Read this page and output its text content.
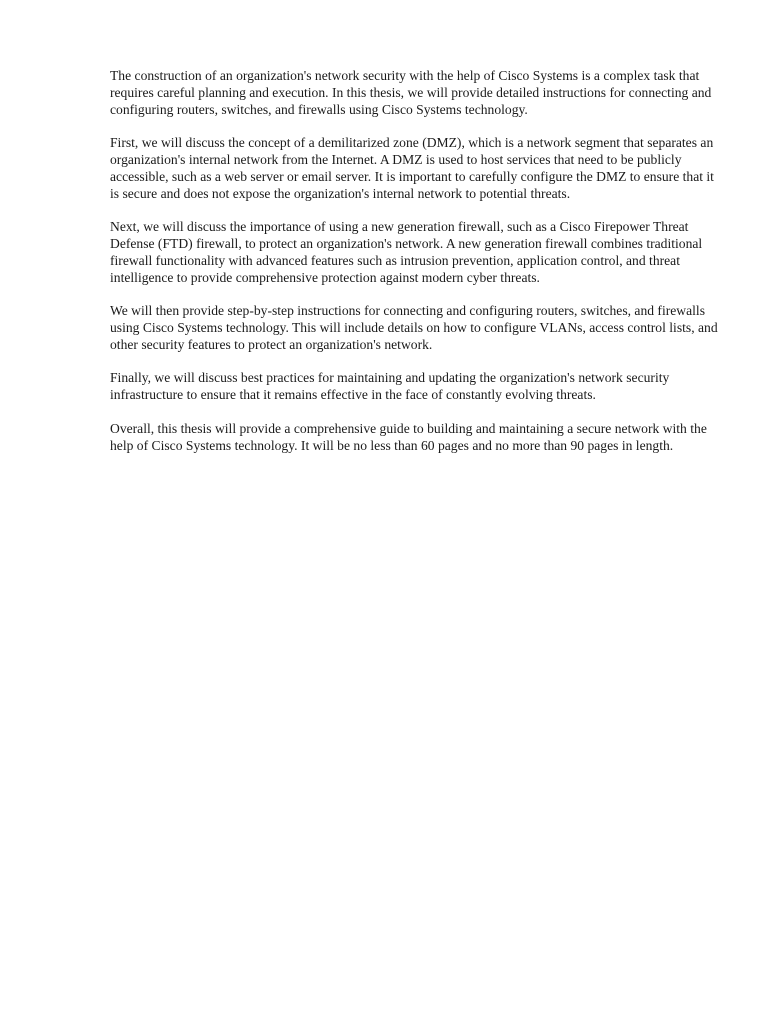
The construction of an organization's network security with the help of Cisco Systems is a complex task that requires careful planning and execution. In this thesis, we will provide detailed instructions for connecting and configuring routers, switches, and firewalls using Cisco Systems technology.

First, we will discuss the concept of a demilitarized zone (DMZ), which is a network segment that separates an organization's internal network from the Internet. A DMZ is used to host services that need to be publicly accessible, such as a web server or email server. It is important to carefully configure the DMZ to ensure that it is secure and does not expose the organization's internal network to potential threats.

Next, we will discuss the importance of using a new generation firewall, such as a Cisco Firepower Threat Defense (FTD) firewall, to protect an organization's network. A new generation firewall combines traditional firewall functionality with advanced features such as intrusion prevention, application control, and threat intelligence to provide comprehensive protection against modern cyber threats.

We will then provide step-by-step instructions for connecting and configuring routers, switches, and firewalls using Cisco Systems technology. This will include details on how to configure VLANs, access control lists, and other security features to protect an organization's network.

Finally, we will discuss best practices for maintaining and updating the organization's network security infrastructure to ensure that it remains effective in the face of constantly evolving threats.

Overall, this thesis will provide a comprehensive guide to building and maintaining a secure network with the help of Cisco Systems technology. It will be no less than 60 pages and no more than 90 pages in length.
